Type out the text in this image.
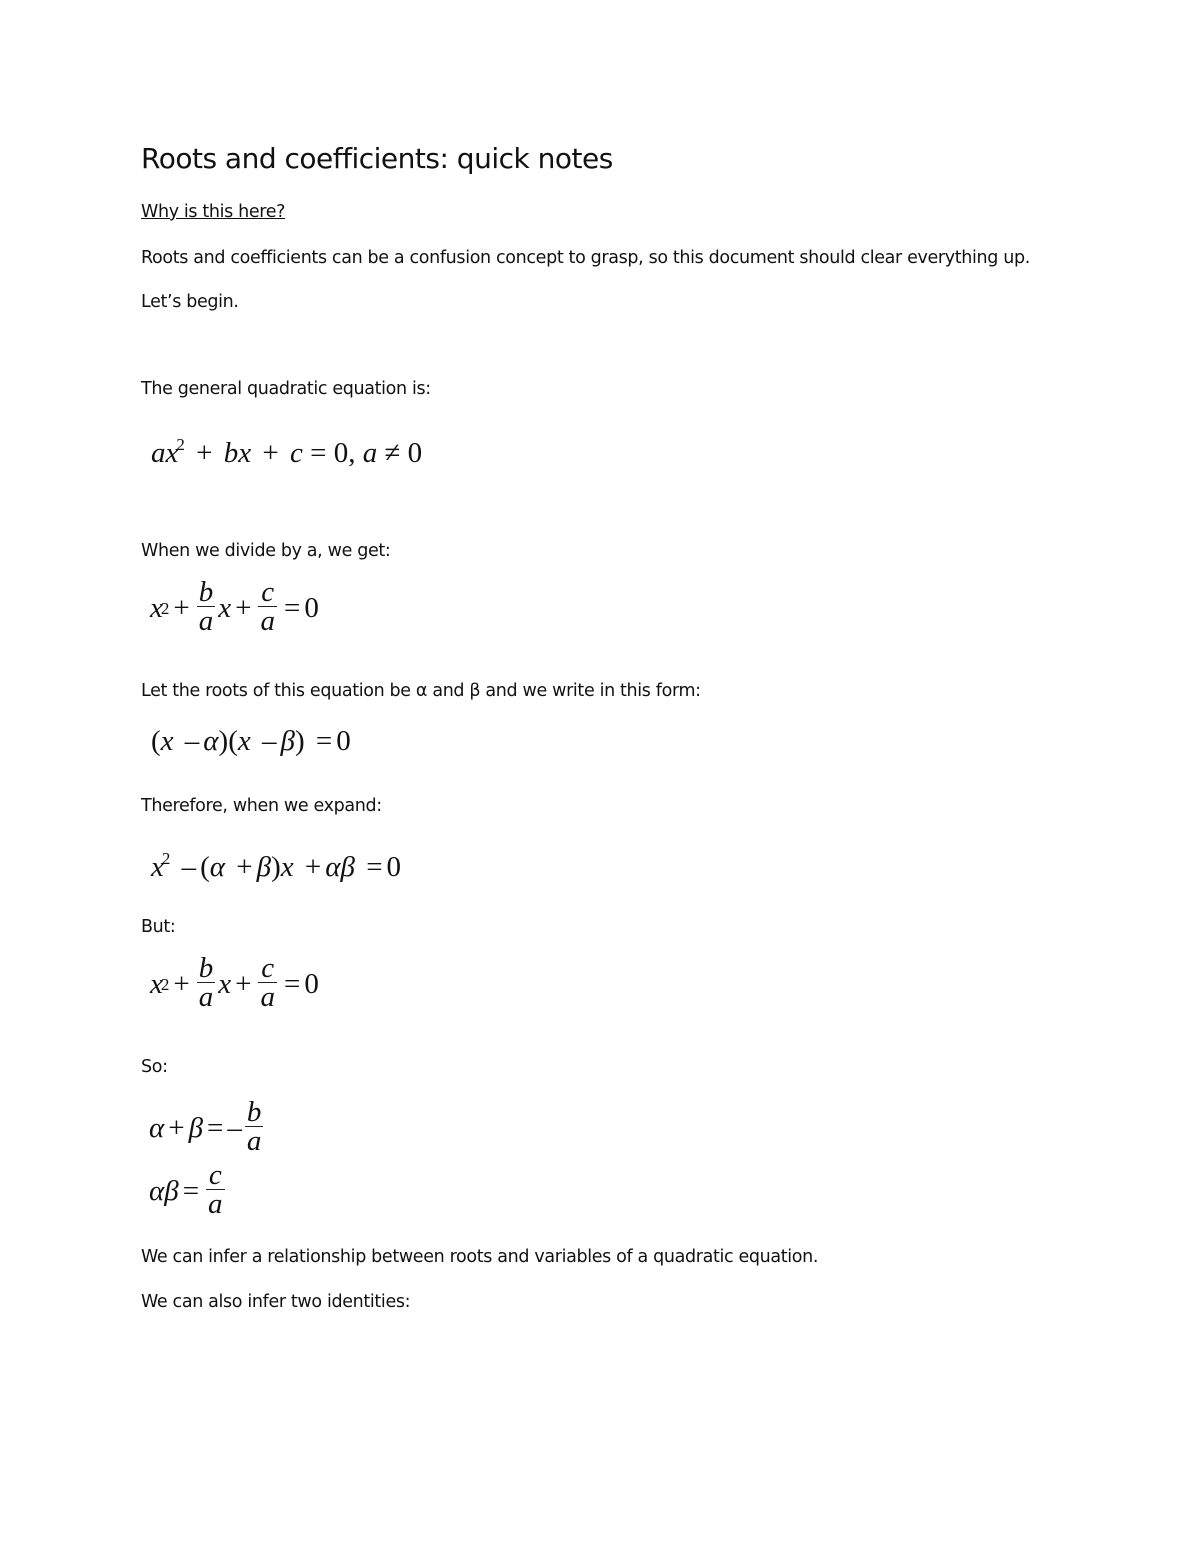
Roots and coefficients: quick notes
Why is this here?
Roots and coefficients can be a confusion concept to grasp, so this document should clear everything up.
Let’s begin.
The general quadratic equation is:
$ax^2$ + bx + c = 0, a ≠ 0
When we divide by a, we get:
x
$2 + \frac{b}{a}$ $x + \frac{c}{a} = 0$
Let the roots of this equation be α and β and we write in this form:
(x – α)(x – β) = 0
Therefore, when we expand:
$x^2 - (\alpha + \beta)x + \alpha\beta = 0$
But:
x
$2 + \frac{b}{a}$ $x + \frac{c}{a} = 0$
So:
α + β = – $\frac{b}{a}$
α $\beta = \frac{c}{a}$
We can infer a relationship between roots and variables of a quadratic equation.
We can also infer two identities:
